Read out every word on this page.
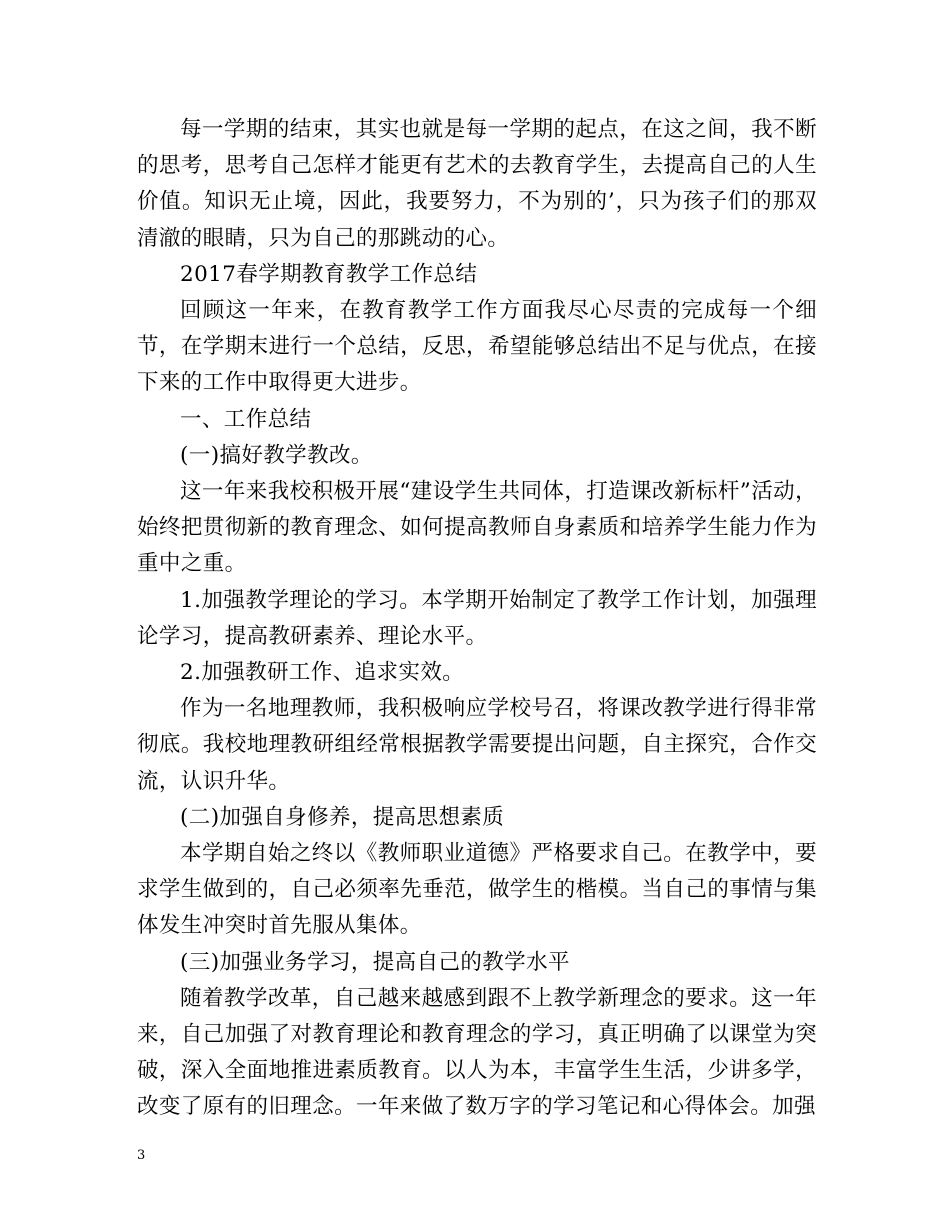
每一学期的结束，其实也就是每一学期的起点，在这之间，我不断的思考，思考自己怎样才能更有艺术的去教育学生，去提高自己的人生价值。知识无止境，因此，我要努力，不为别的’，只为孩子们的那双清澈的眼睛，只为自己的那跳动的心。

2017春学期教育教学工作总结

回顾这一年来，在教育教学工作方面我尽心尽责的完成每一个细节，在学期末进行一个总结，反思，希望能够总结出不足与优点，在接下来的工作中取得更大进步。

一、工作总结

(一)搞好教学教改。

这一年来我校积极开展“建设学生共同体，打造课改新标杆”活动，始终把贯彻新的教育理念、如何提高教师自身素质和培养学生能力作为重中之重。

1.加强教学理论的学习。本学期开始制定了教学工作计划，加强理论学习，提高教研素养、理论水平。

2.加强教研工作、追求实效。

作为一名地理教师，我积极响应学校号召，将课改教学进行得非常彻底。我校地理教研组经常根据教学需要提出问题，自主探究，合作交流，认识升华。

(二)加强自身修养，提高思想素质

本学期自始之终以《教师职业道德》严格要求自己。在教学中，要求学生做到的，自己必须率先垂范，做学生的楷模。当自己的事情与集体发生冲突时首先服从集体。

(三)加强业务学习，提高自己的教学水平

随着教学改革，自己越来越感到跟不上教学新理念的要求。这一年来，自己加强了对教育理论和教育理念的学习，真正明确了以课堂为突破，深入全面地推进素质教育。以人为本，丰富学生生活，少讲多学，改变了原有的旧理念。一年来做了数万字的学习笔记和心得体会。加强

3
